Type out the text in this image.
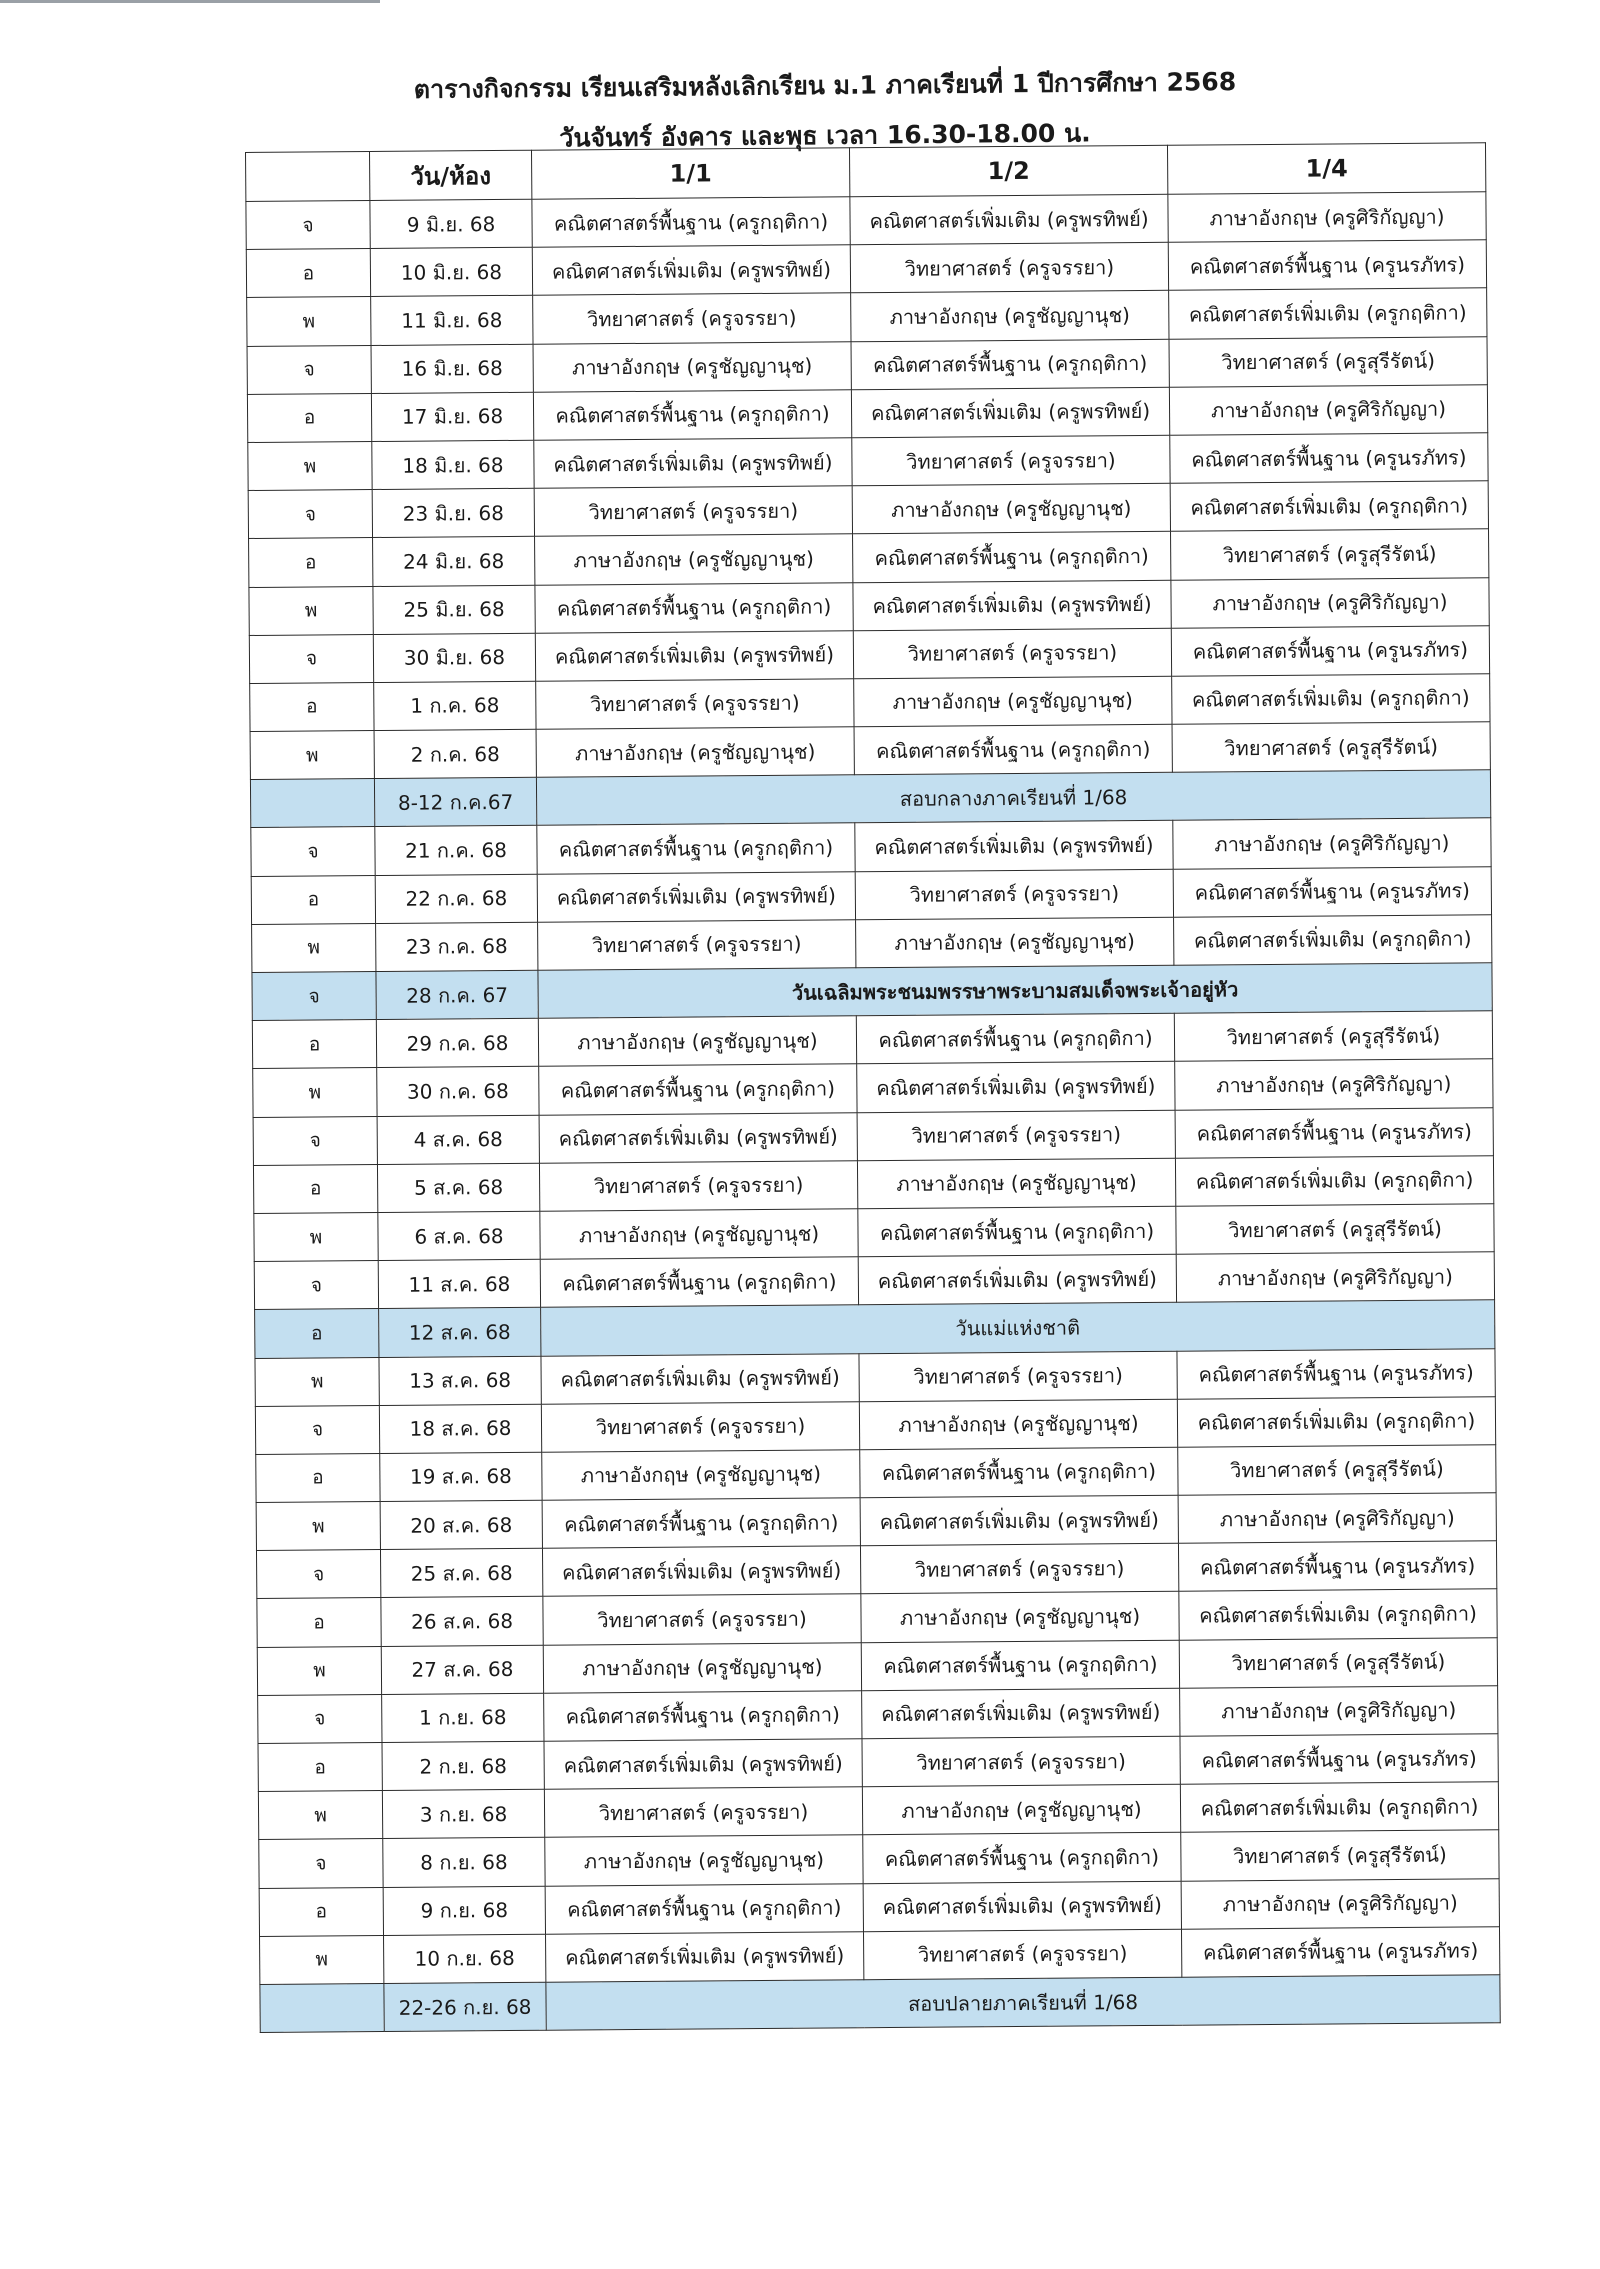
ตารางกิจกรรม เรียนเสริมหลังเลิกเรียน ม.1 ภาคเรียนที่ 1 ปีการศึกษา 2568
วันจันทร์ อังคาร และพุธ เวลา 16.30-18.00 น.
	วัน/ห้อง	1/1	1/2	1/4
จ	9 มิ.ย. 68	คณิตศาสตร์พื้นฐาน (ครูกฤติกา)	คณิตศาสตร์เพิ่มเติม (ครูพรทิพย์)	ภาษาอังกฤษ (ครูศิริกัญญา)
อ	10 มิ.ย. 68	คณิตศาสตร์เพิ่มเติม (ครูพรทิพย์)	วิทยาศาสตร์ (ครูจรรยา)	คณิตศาสตร์พื้นฐาน (ครูนรภัทร)
พ	11 มิ.ย. 68	วิทยาศาสตร์ (ครูจรรยา)	ภาษาอังกฤษ (ครูชัญญานุช)	คณิตศาสตร์เพิ่มเติม (ครูกฤติกา)
จ	16 มิ.ย. 68	ภาษาอังกฤษ (ครูชัญญานุช)	คณิตศาสตร์พื้นฐาน (ครูกฤติกา)	วิทยาศาสตร์ (ครูสุรีรัตน์)
อ	17 มิ.ย. 68	คณิตศาสตร์พื้นฐาน (ครูกฤติกา)	คณิตศาสตร์เพิ่มเติม (ครูพรทิพย์)	ภาษาอังกฤษ (ครูศิริกัญญา)
พ	18 มิ.ย. 68	คณิตศาสตร์เพิ่มเติม (ครูพรทิพย์)	วิทยาศาสตร์ (ครูจรรยา)	คณิตศาสตร์พื้นฐาน (ครูนรภัทร)
จ	23 มิ.ย. 68	วิทยาศาสตร์ (ครูจรรยา)	ภาษาอังกฤษ (ครูชัญญานุช)	คณิตศาสตร์เพิ่มเติม (ครูกฤติกา)
อ	24 มิ.ย. 68	ภาษาอังกฤษ (ครูชัญญานุช)	คณิตศาสตร์พื้นฐาน (ครูกฤติกา)	วิทยาศาสตร์ (ครูสุรีรัตน์)
พ	25 มิ.ย. 68	คณิตศาสตร์พื้นฐาน (ครูกฤติกา)	คณิตศาสตร์เพิ่มเติม (ครูพรทิพย์)	ภาษาอังกฤษ (ครูศิริกัญญา)
จ	30 มิ.ย. 68	คณิตศาสตร์เพิ่มเติม (ครูพรทิพย์)	วิทยาศาสตร์ (ครูจรรยา)	คณิตศาสตร์พื้นฐาน (ครูนรภัทร)
อ	1 ก.ค. 68	วิทยาศาสตร์ (ครูจรรยา)	ภาษาอังกฤษ (ครูชัญญานุช)	คณิตศาสตร์เพิ่มเติม (ครูกฤติกา)
พ	2 ก.ค. 68	ภาษาอังกฤษ (ครูชัญญานุช)	คณิตศาสตร์พื้นฐาน (ครูกฤติกา)	วิทยาศาสตร์ (ครูสุรีรัตน์)
	8-12 ก.ค.67	สอบกลางภาคเรียนที่ 1/68		
จ	21 ก.ค. 68	คณิตศาสตร์พื้นฐาน (ครูกฤติกา)	คณิตศาสตร์เพิ่มเติม (ครูพรทิพย์)	ภาษาอังกฤษ (ครูศิริกัญญา)
อ	22 ก.ค. 68	คณิตศาสตร์เพิ่มเติม (ครูพรทิพย์)	วิทยาศาสตร์ (ครูจรรยา)	คณิตศาสตร์พื้นฐาน (ครูนรภัทร)
พ	23 ก.ค. 68	วิทยาศาสตร์ (ครูจรรยา)	ภาษาอังกฤษ (ครูชัญญานุช)	คณิตศาสตร์เพิ่มเติม (ครูกฤติกา)
จ	28 ก.ค. 67	วันเฉลิมพระชนมพรรษาพระบามสมเด็จพระเจ้าอยู่หัว		
อ	29 ก.ค. 68	ภาษาอังกฤษ (ครูชัญญานุช)	คณิตศาสตร์พื้นฐาน (ครูกฤติกา)	วิทยาศาสตร์ (ครูสุรีรัตน์)
พ	30 ก.ค. 68	คณิตศาสตร์พื้นฐาน (ครูกฤติกา)	คณิตศาสตร์เพิ่มเติม (ครูพรทิพย์)	ภาษาอังกฤษ (ครูศิริกัญญา)
จ	4 ส.ค. 68	คณิตศาสตร์เพิ่มเติม (ครูพรทิพย์)	วิทยาศาสตร์ (ครูจรรยา)	คณิตศาสตร์พื้นฐาน (ครูนรภัทร)
อ	5 ส.ค. 68	วิทยาศาสตร์ (ครูจรรยา)	ภาษาอังกฤษ (ครูชัญญานุช)	คณิตศาสตร์เพิ่มเติม (ครูกฤติกา)
พ	6 ส.ค. 68	ภาษาอังกฤษ (ครูชัญญานุช)	คณิตศาสตร์พื้นฐาน (ครูกฤติกา)	วิทยาศาสตร์ (ครูสุรีรัตน์)
จ	11 ส.ค. 68	คณิตศาสตร์พื้นฐาน (ครูกฤติกา)	คณิตศาสตร์เพิ่มเติม (ครูพรทิพย์)	ภาษาอังกฤษ (ครูศิริกัญญา)
อ	12 ส.ค. 68	วันแม่แห่งชาติ		
พ	13 ส.ค. 68	คณิตศาสตร์เพิ่มเติม (ครูพรทิพย์)	วิทยาศาสตร์ (ครูจรรยา)	คณิตศาสตร์พื้นฐาน (ครูนรภัทร)
จ	18 ส.ค. 68	วิทยาศาสตร์ (ครูจรรยา)	ภาษาอังกฤษ (ครูชัญญานุช)	คณิตศาสตร์เพิ่มเติม (ครูกฤติกา)
อ	19 ส.ค. 68	ภาษาอังกฤษ (ครูชัญญานุช)	คณิตศาสตร์พื้นฐาน (ครูกฤติกา)	วิทยาศาสตร์ (ครูสุรีรัตน์)
พ	20 ส.ค. 68	คณิตศาสตร์พื้นฐาน (ครูกฤติกา)	คณิตศาสตร์เพิ่มเติม (ครูพรทิพย์)	ภาษาอังกฤษ (ครูศิริกัญญา)
จ	25 ส.ค. 68	คณิตศาสตร์เพิ่มเติม (ครูพรทิพย์)	วิทยาศาสตร์ (ครูจรรยา)	คณิตศาสตร์พื้นฐาน (ครูนรภัทร)
อ	26 ส.ค. 68	วิทยาศาสตร์ (ครูจรรยา)	ภาษาอังกฤษ (ครูชัญญานุช)	คณิตศาสตร์เพิ่มเติม (ครูกฤติกา)
พ	27 ส.ค. 68	ภาษาอังกฤษ (ครูชัญญานุช)	คณิตศาสตร์พื้นฐาน (ครูกฤติกา)	วิทยาศาสตร์ (ครูสุรีรัตน์)
จ	1 ก.ย. 68	คณิตศาสตร์พื้นฐาน (ครูกฤติกา)	คณิตศาสตร์เพิ่มเติม (ครูพรทิพย์)	ภาษาอังกฤษ (ครูศิริกัญญา)
อ	2 ก.ย. 68	คณิตศาสตร์เพิ่มเติม (ครูพรทิพย์)	วิทยาศาสตร์ (ครูจรรยา)	คณิตศาสตร์พื้นฐาน (ครูนรภัทร)
พ	3 ก.ย. 68	วิทยาศาสตร์ (ครูจรรยา)	ภาษาอังกฤษ (ครูชัญญานุช)	คณิตศาสตร์เพิ่มเติม (ครูกฤติกา)
จ	8 ก.ย. 68	ภาษาอังกฤษ (ครูชัญญานุช)	คณิตศาสตร์พื้นฐาน (ครูกฤติกา)	วิทยาศาสตร์ (ครูสุรีรัตน์)
อ	9 ก.ย. 68	คณิตศาสตร์พื้นฐาน (ครูกฤติกา)	คณิตศาสตร์เพิ่มเติม (ครูพรทิพย์)	ภาษาอังกฤษ (ครูศิริกัญญา)
พ	10 ก.ย. 68	คณิตศาสตร์เพิ่มเติม (ครูพรทิพย์)	วิทยาศาสตร์ (ครูจรรยา)	คณิตศาสตร์พื้นฐาน (ครูนรภัทร)
	22-26 ก.ย. 68	สอบปลายภาคเรียนที่ 1/68		
